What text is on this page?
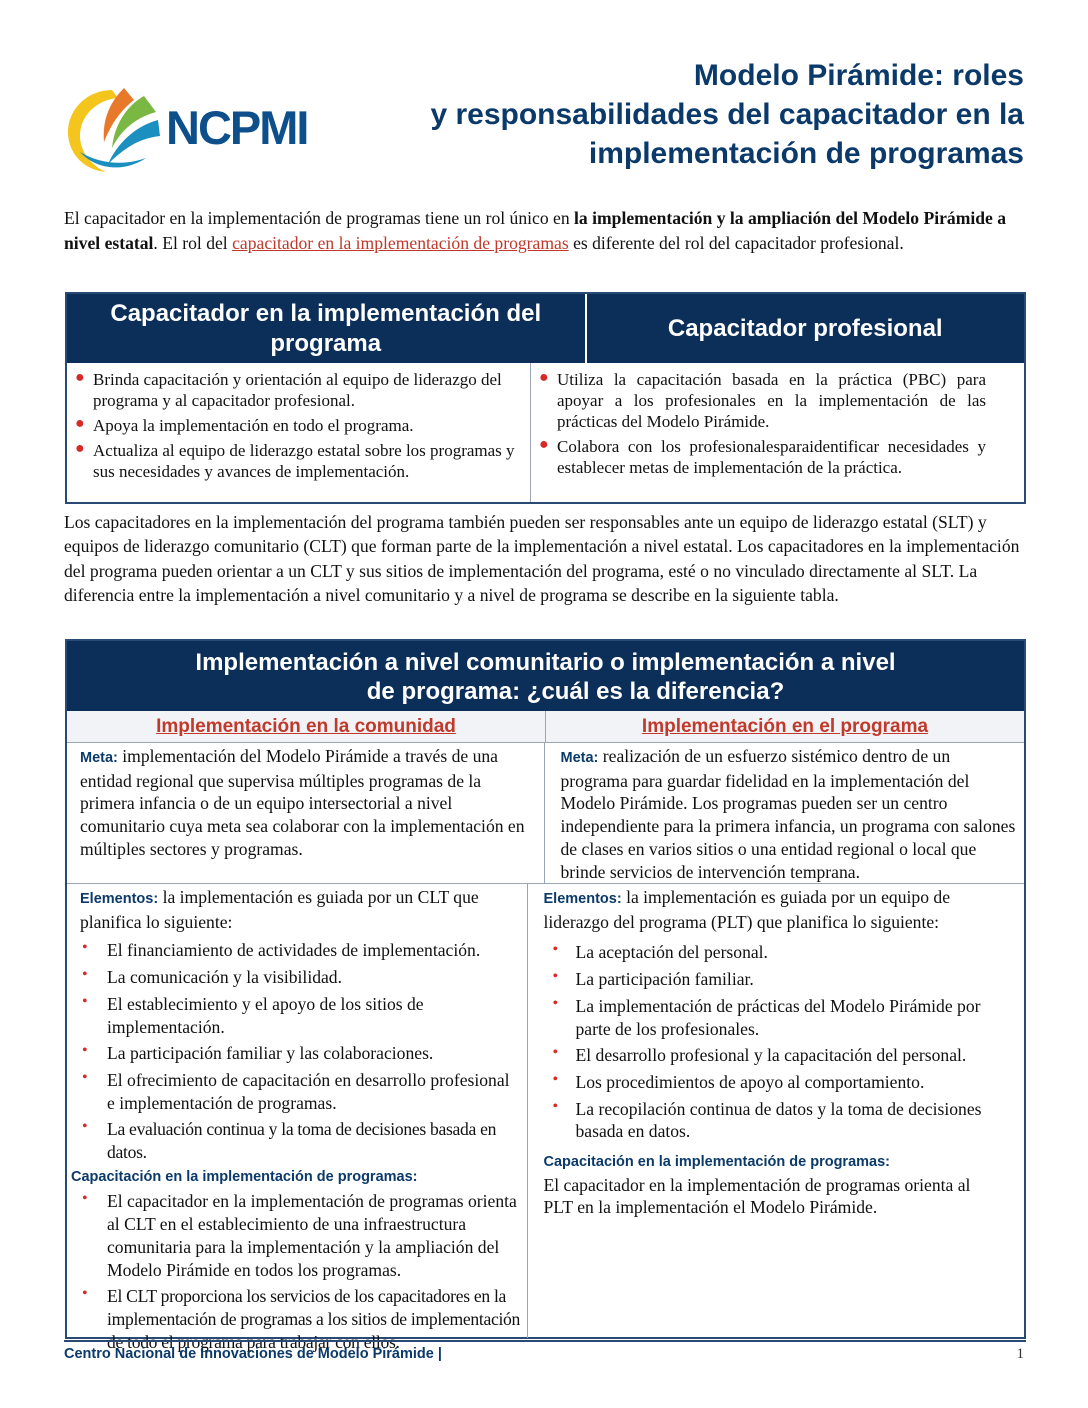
NCPMI
Modelo Pirámide: roles
y responsabilidades del capacitador en la
implementación de programas

El capacitador en la implementación de programas tiene un rol único en la implementación y la ampliación del Modelo Pirámide a nivel estatal. El rol del capacitador en la implementación de programas es diferente del rol del capacitador profesional.

Capacitador en la implementación del programa
Capacitador profesional
● Brinda capacitación y orientación al equipo de liderazgo del programa y al capacitador profesional.
● Apoya la implementación en todo el programa.
● Actualiza al equipo de liderazgo estatal sobre los programas y sus necesidades y avances de implementación.
● Utiliza la capacitación basada en la práctica (PBC) para apoyar a los profesionales en la implementación de las prácticas del Modelo Pirámide.
● Colabora con los profesionalesparaidentificar necesidades y establecer metas de implementación de la práctica.

Los capacitadores en la implementación del programa también pueden ser responsables ante un equipo de liderazgo estatal (SLT) y equipos de liderazgo comunitario (CLT) que forman parte de la implementación a nivel estatal. Los capacitadores en la implementación del programa pueden orientar a un CLT y sus sitios de implementación del programa, esté o no vinculado directamente al SLT. La diferencia entre la implementación a nivel comunitario y a nivel de programa se describe en la siguiente tabla.

Implementación a nivel comunitario o implementación a nivel
de programa: ¿cuál es la diferencia?
Implementación en la comunidad	Implementación en el programa
Meta: implementación del Modelo Pirámide a través de una entidad regional que supervisa múltiples programas de la primera infancia o de un equipo intersectorial a nivel comunitario cuya meta sea colaborar con la implementación en múltiples sectores y programas.
Meta: realización de un esfuerzo sistémico dentro de un programa para guardar fidelidad en la implementación del Modelo Pirámide. Los programas pueden ser un centro independiente para la primera infancia, un programa con salones de clases en varios sitios o una entidad regional o local que brinde servicios de intervención temprana.
Elementos: la implementación es guiada por un CLT que planifica lo siguiente:
• El financiamiento de actividades de implementación.
• La comunicación y la visibilidad.
• El establecimiento y el apoyo de los sitios de implementación.
• La participación familiar y las colaboraciones.
• El ofrecimiento de capacitación en desarrollo profesional e implementación de programas.
• La evaluación continua y la toma de decisiones basada en datos.
Capacitación en la implementación de programas:
• El capacitador en la implementación de programas orienta al CLT en el establecimiento de una infraestructura comunitaria para la implementación y la ampliación del Modelo Pirámide en todos los programas.
• El CLT proporciona los servicios de los capacitadores en la implementación de programas a los sitios de implementación de todo el programa para trabajar con ellos.
Elementos: la implementación es guiada por un equipo de liderazgo del programa (PLT) que planifica lo siguiente:
• La aceptación del personal.
• La participación familiar.
• La implementación de prácticas del Modelo Pirámide por parte de los profesionales.
• El desarrollo profesional y la capacitación del personal.
• Los procedimientos de apoyo al comportamiento.
• La recopilación continua de datos y la toma de decisiones basada en datos.
Capacitación en la implementación de programas:

El capacitador en la implementación de programas orienta al PLT en la implementación el Modelo Pirámide.

Centro Nacional de Innovaciones de Modelo Pirámide |	1
